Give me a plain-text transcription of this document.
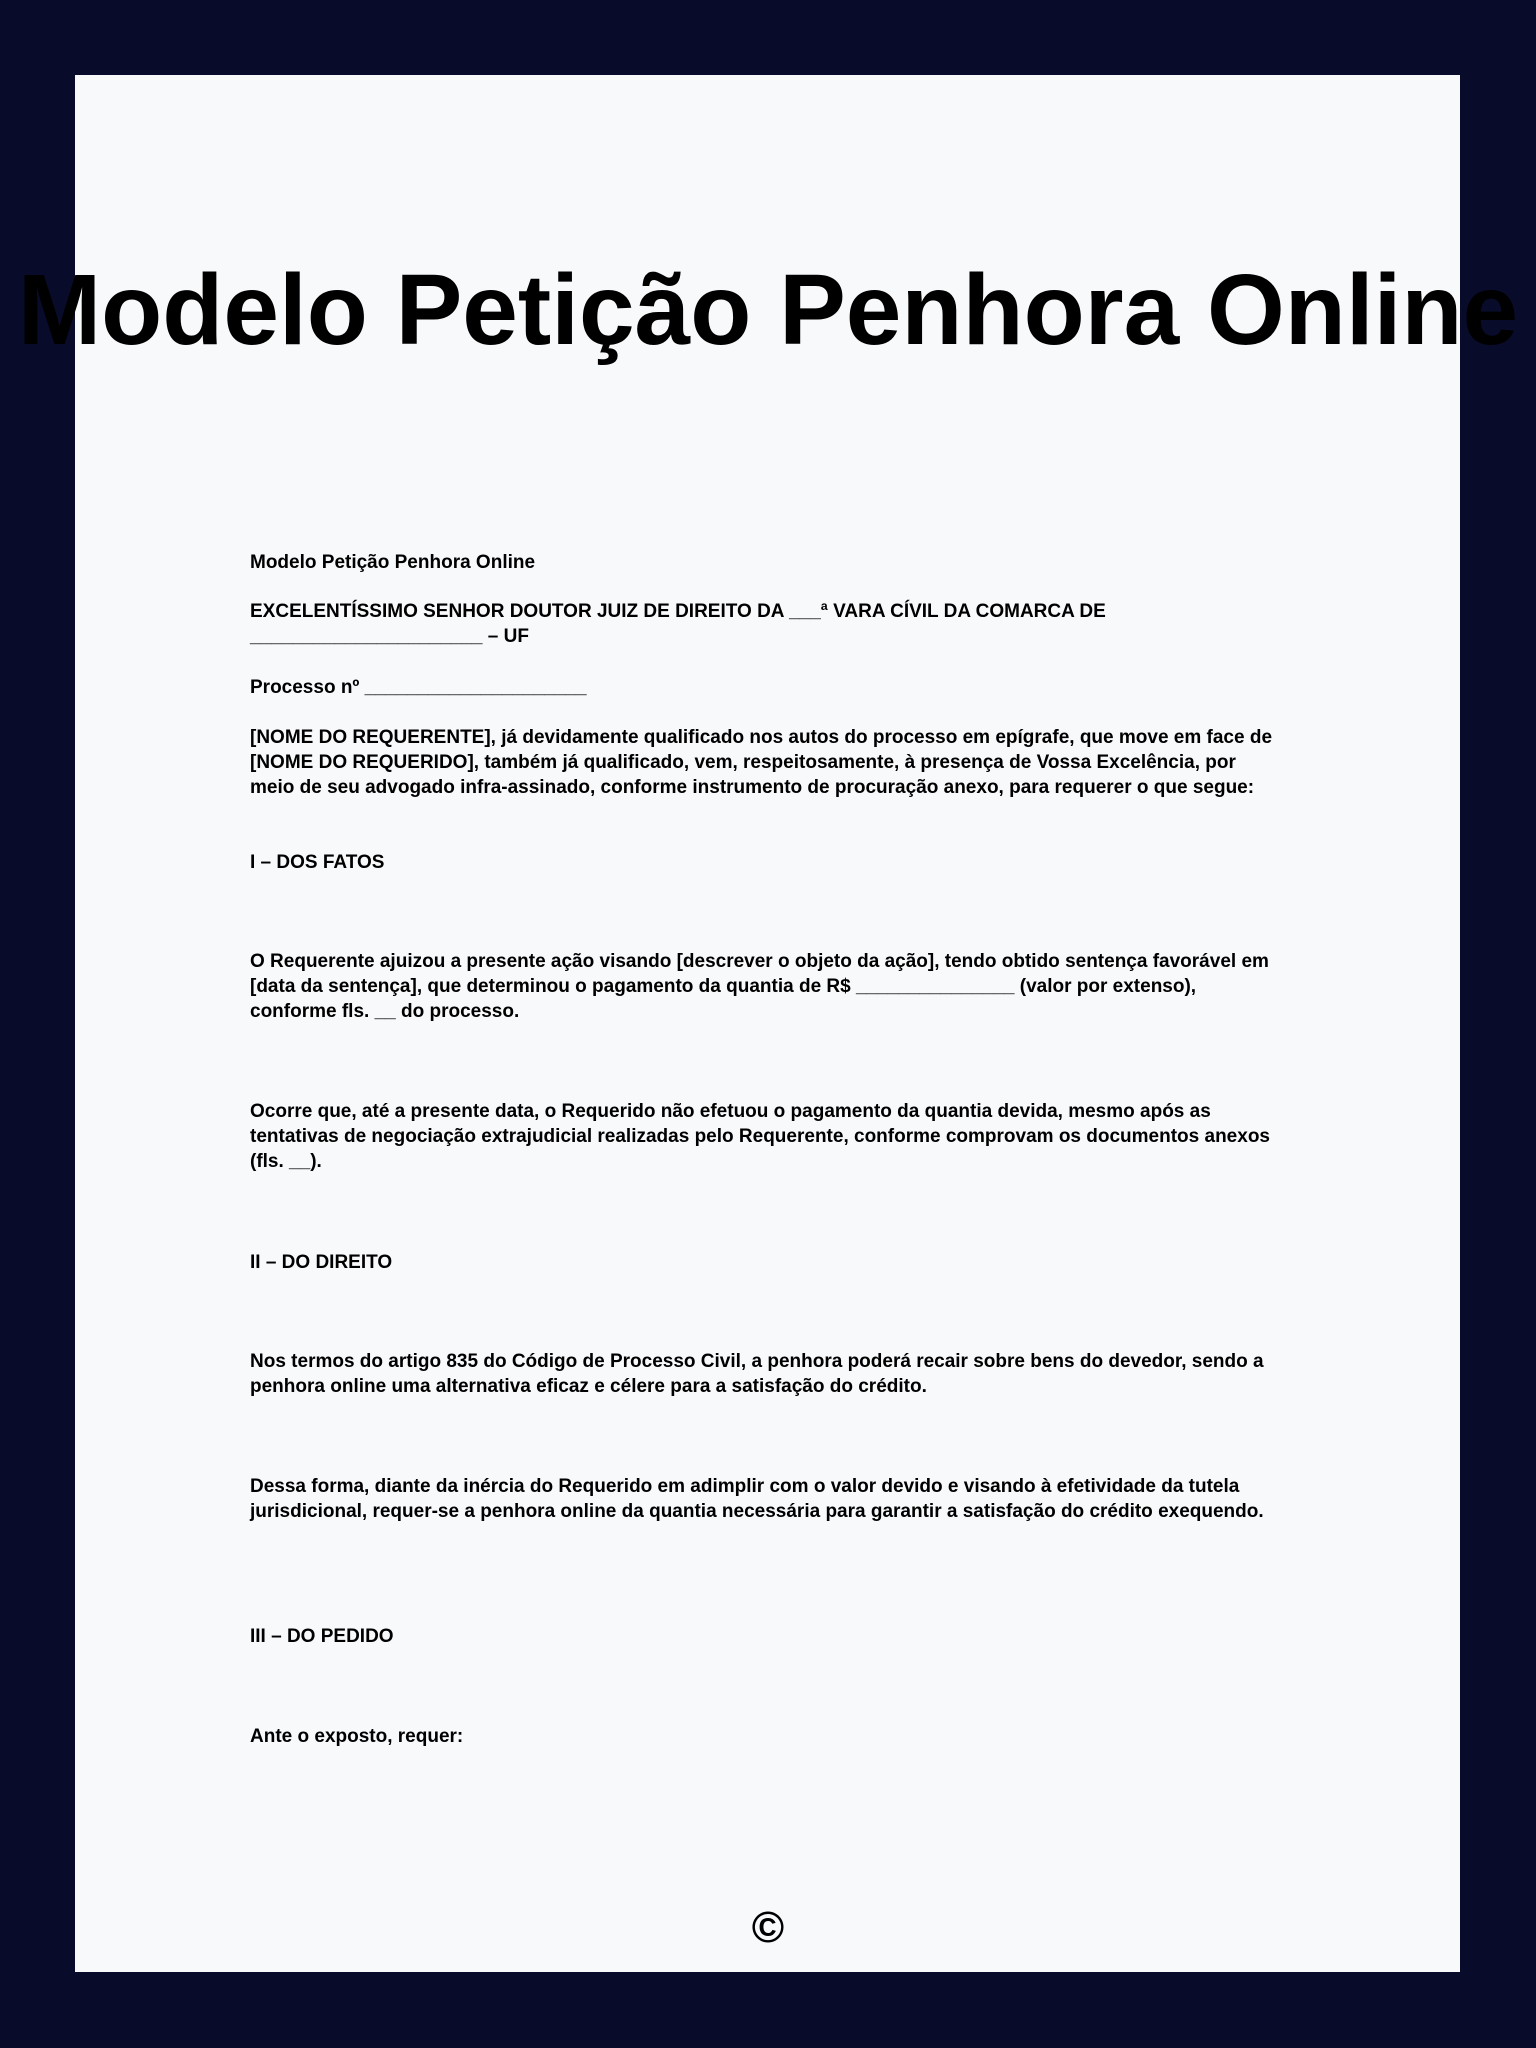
Modelo Petição Penhora Online

Modelo Petição Penhora Online

EXCELENTÍSSIMO SENHOR DOUTOR JUIZ DE DIREITO DA ___ª VARA CÍVIL DA COMARCA DE ______________________ – UF

Processo nº _____________________

[NOME DO REQUERENTE], já devidamente qualificado nos autos do processo em epígrafe, que move em face de [NOME DO REQUERIDO], também já qualificado, vem, respeitosamente, à presença de Vossa Excelência, por meio de seu advogado infra-assinado, conforme instrumento de procuração anexo, para requerer o que segue:

I – DOS FATOS

O Requerente ajuizou a presente ação visando [descrever o objeto da ação], tendo obtido sentença favorável em [data da sentença], que determinou o pagamento da quantia de R$ _______________ (valor por extenso), conforme fls. __ do processo.

Ocorre que, até a presente data, o Requerido não efetuou o pagamento da quantia devida, mesmo após as tentativas de negociação extrajudicial realizadas pelo Requerente, conforme comprovam os documentos anexos (fls. __).

II – DO DIREITO

Nos termos do artigo 835 do Código de Processo Civil, a penhora poderá recair sobre bens do devedor, sendo a penhora online uma alternativa eficaz e célere para a satisfação do crédito.

Dessa forma, diante da inércia do Requerido em adimplir com o valor devido e visando à efetividade da tutela jurisdicional, requer-se a penhora online da quantia necessária para garantir a satisfação do crédito exequendo.

III – DO PEDIDO

Ante o exposto, requer:

©
